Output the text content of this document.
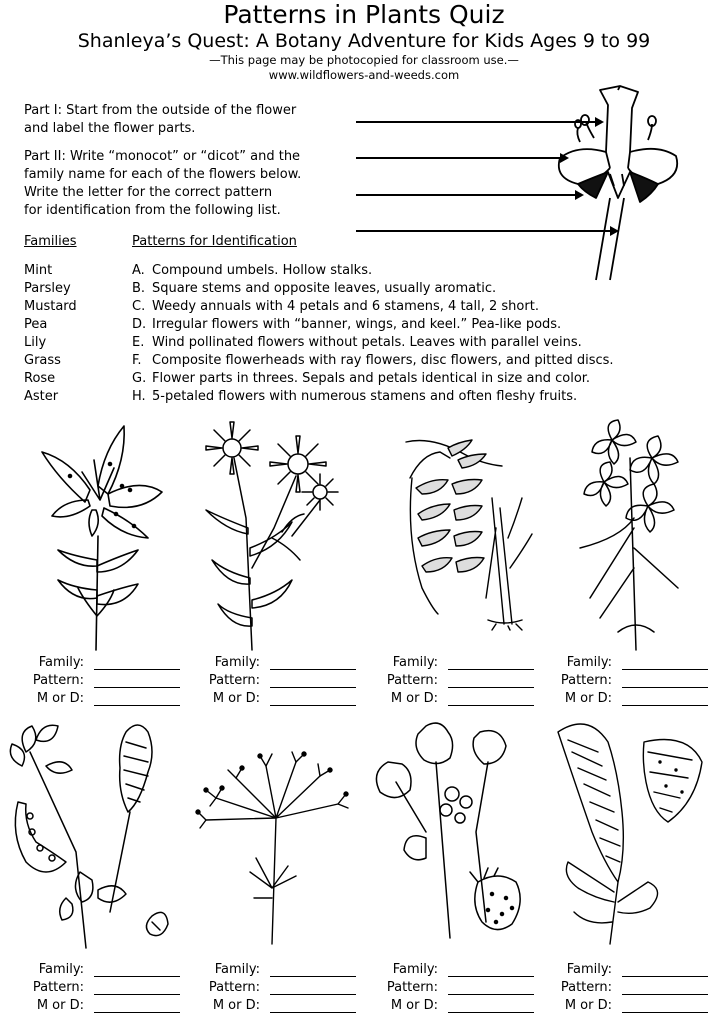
Patterns in Plants Quiz
Shanleya’s Quest: A Botany Adventure for Kids Ages 9 to 99
—This page may be photocopied for classroom use.—
www.wildflowers-and-weeds.com
Part I: Start from the outside of the flower
and label the flower parts.
Part II: Write “monocot” or “dicot” and the
family name for each of the flowers below.
Write the letter for the correct pattern
for identification from the following list.
Families	Patterns for Identification
Mint
Parsley
Mustard
Pea
Lily
Grass
Rose
Aster
A. Compound umbels. Hollow stalks.
B. Square stems and opposite leaves, usually aromatic.
C. Weedy annuals with 4 petals and 6 stamens, 4 tall, 2 short.
D. Irregular flowers with “banner, wings, and keel.” Pea-like pods.
E. Wind pollinated flowers without petals. Leaves with parallel veins.
F. Composite flowerheads with ray flowers, disc flowers, and pitted discs.
G. Flower parts in threes. Sepals and petals identical in size and color.
H. 5-petaled flowers with numerous stamens and often fleshy fruits.
Family:
Pattern:
M or D:
Family:
Pattern:
M or D:
Family:
Pattern:
M or D:
Family:
Pattern:
M or D:
Family:
Pattern:
M or D:
Family:
Pattern:
M or D:
Family:
Pattern:
M or D:
Family:
Pattern:
M or D:
